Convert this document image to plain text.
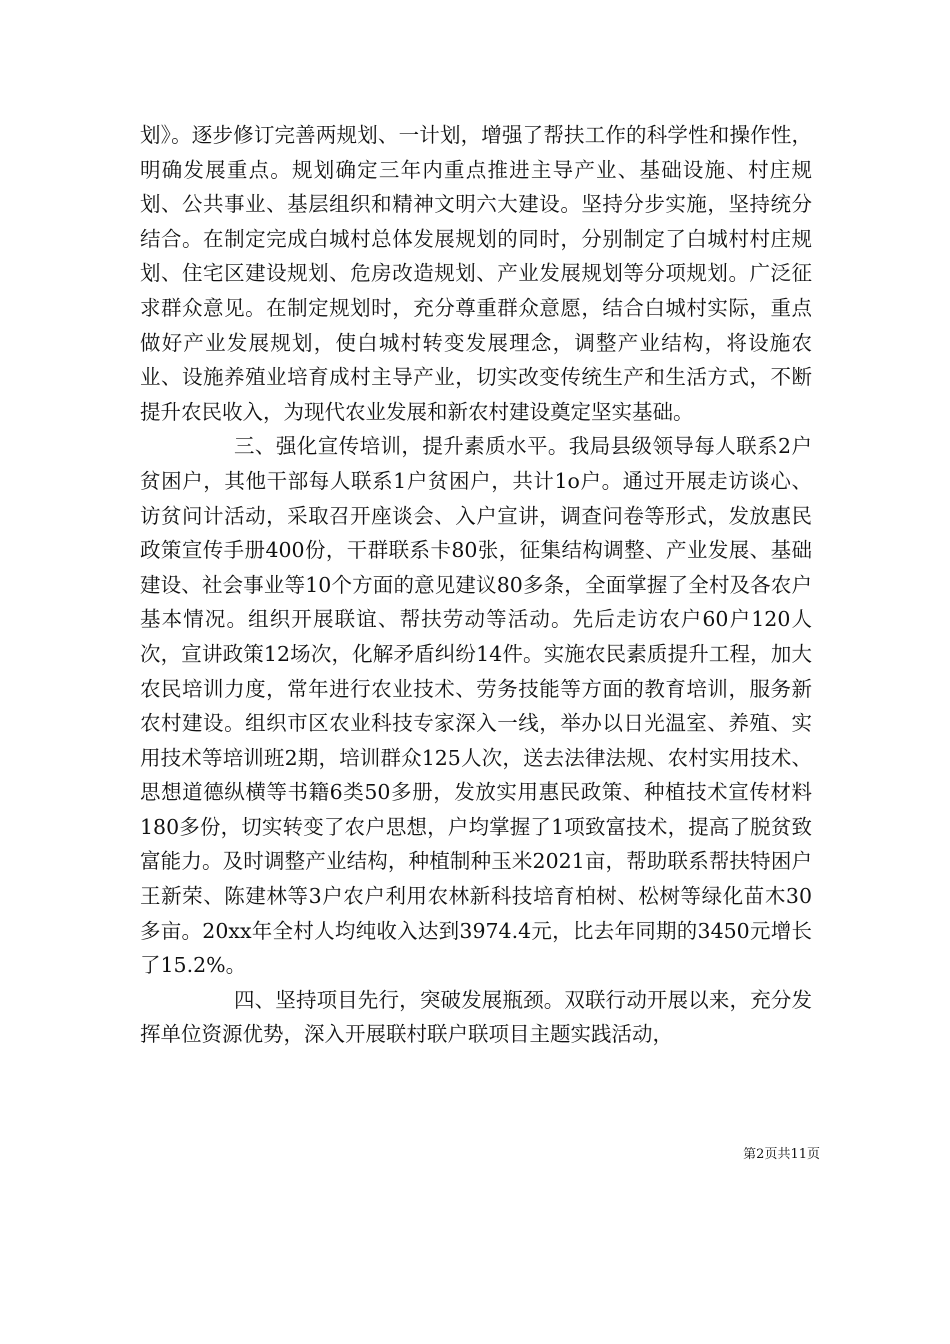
划》。逐步修订完善两规划、一计划，增强了帮扶工作的科学性和操作性，明确发展重点。规划确定三年内重点推进主导产业、基础设施、村庄规划、公共事业、基层组织和精神文明六大建设。坚持分步实施，坚持统分结合。在制定完成白城村总体发展规划的同时，分别制定了白城村村庄规划、住宅区建设规划、危房改造规划、产业发展规划等分项规划。广泛征求群众意见。在制定规划时，充分尊重群众意愿，结合白城村实际，重点做好产业发展规划，使白城村转变发展理念，调整产业结构，将设施农业、设施养殖业培育成村主导产业，切实改变传统生产和生活方式，不断提升农民收入，为现代农业发展和新农村建设奠定坚实基础。

三、强化宣传培训，提升素质水平。我局县级领导每人联系2户贫困户，其他干部每人联系1户贫困户，共计1o户。通过开展走访谈心、访贫问计活动，采取召开座谈会、入户宣讲，调查问卷等形式，发放惠民政策宣传手册400份，干群联系卡80张，征集结构调整、产业发展、基础建设、社会事业等10个方面的意见建议80多条，全面掌握了全村及各农户基本情况。组织开展联谊、帮扶劳动等活动。先后走访农户60户120人次，宣讲政策12场次，化解矛盾纠纷14件。实施农民素质提升工程，加大农民培训力度，常年进行农业技术、劳务技能等方面的教育培训，服务新农村建设。组织市区农业科技专家深入一线，举办以日光温室、养殖、实用技术等培训班2期，培训群众125人次，送去法律法规、农村实用技术、思想道德纵横等书籍6类50多册，发放实用惠民政策、种植技术宣传材料180多份，切实转变了农户思想，户均掌握了1项致富技术，提高了脱贫致富能力。及时调整产业结构，种植制种玉米2021亩，帮助联系帮扶特困户王新荣、陈建林等3户农户利用农林新科技培育柏树、松树等绿化苗木30多亩。20xx年全村人均纯收入达到3974.4元，比去年同期的3450元增长了15.2%。

四、坚持项目先行，突破发展瓶颈。双联行动开展以来，充分发挥单位资源优势，深入开展联村联户联项目主题实践活动，

第2页共11页
